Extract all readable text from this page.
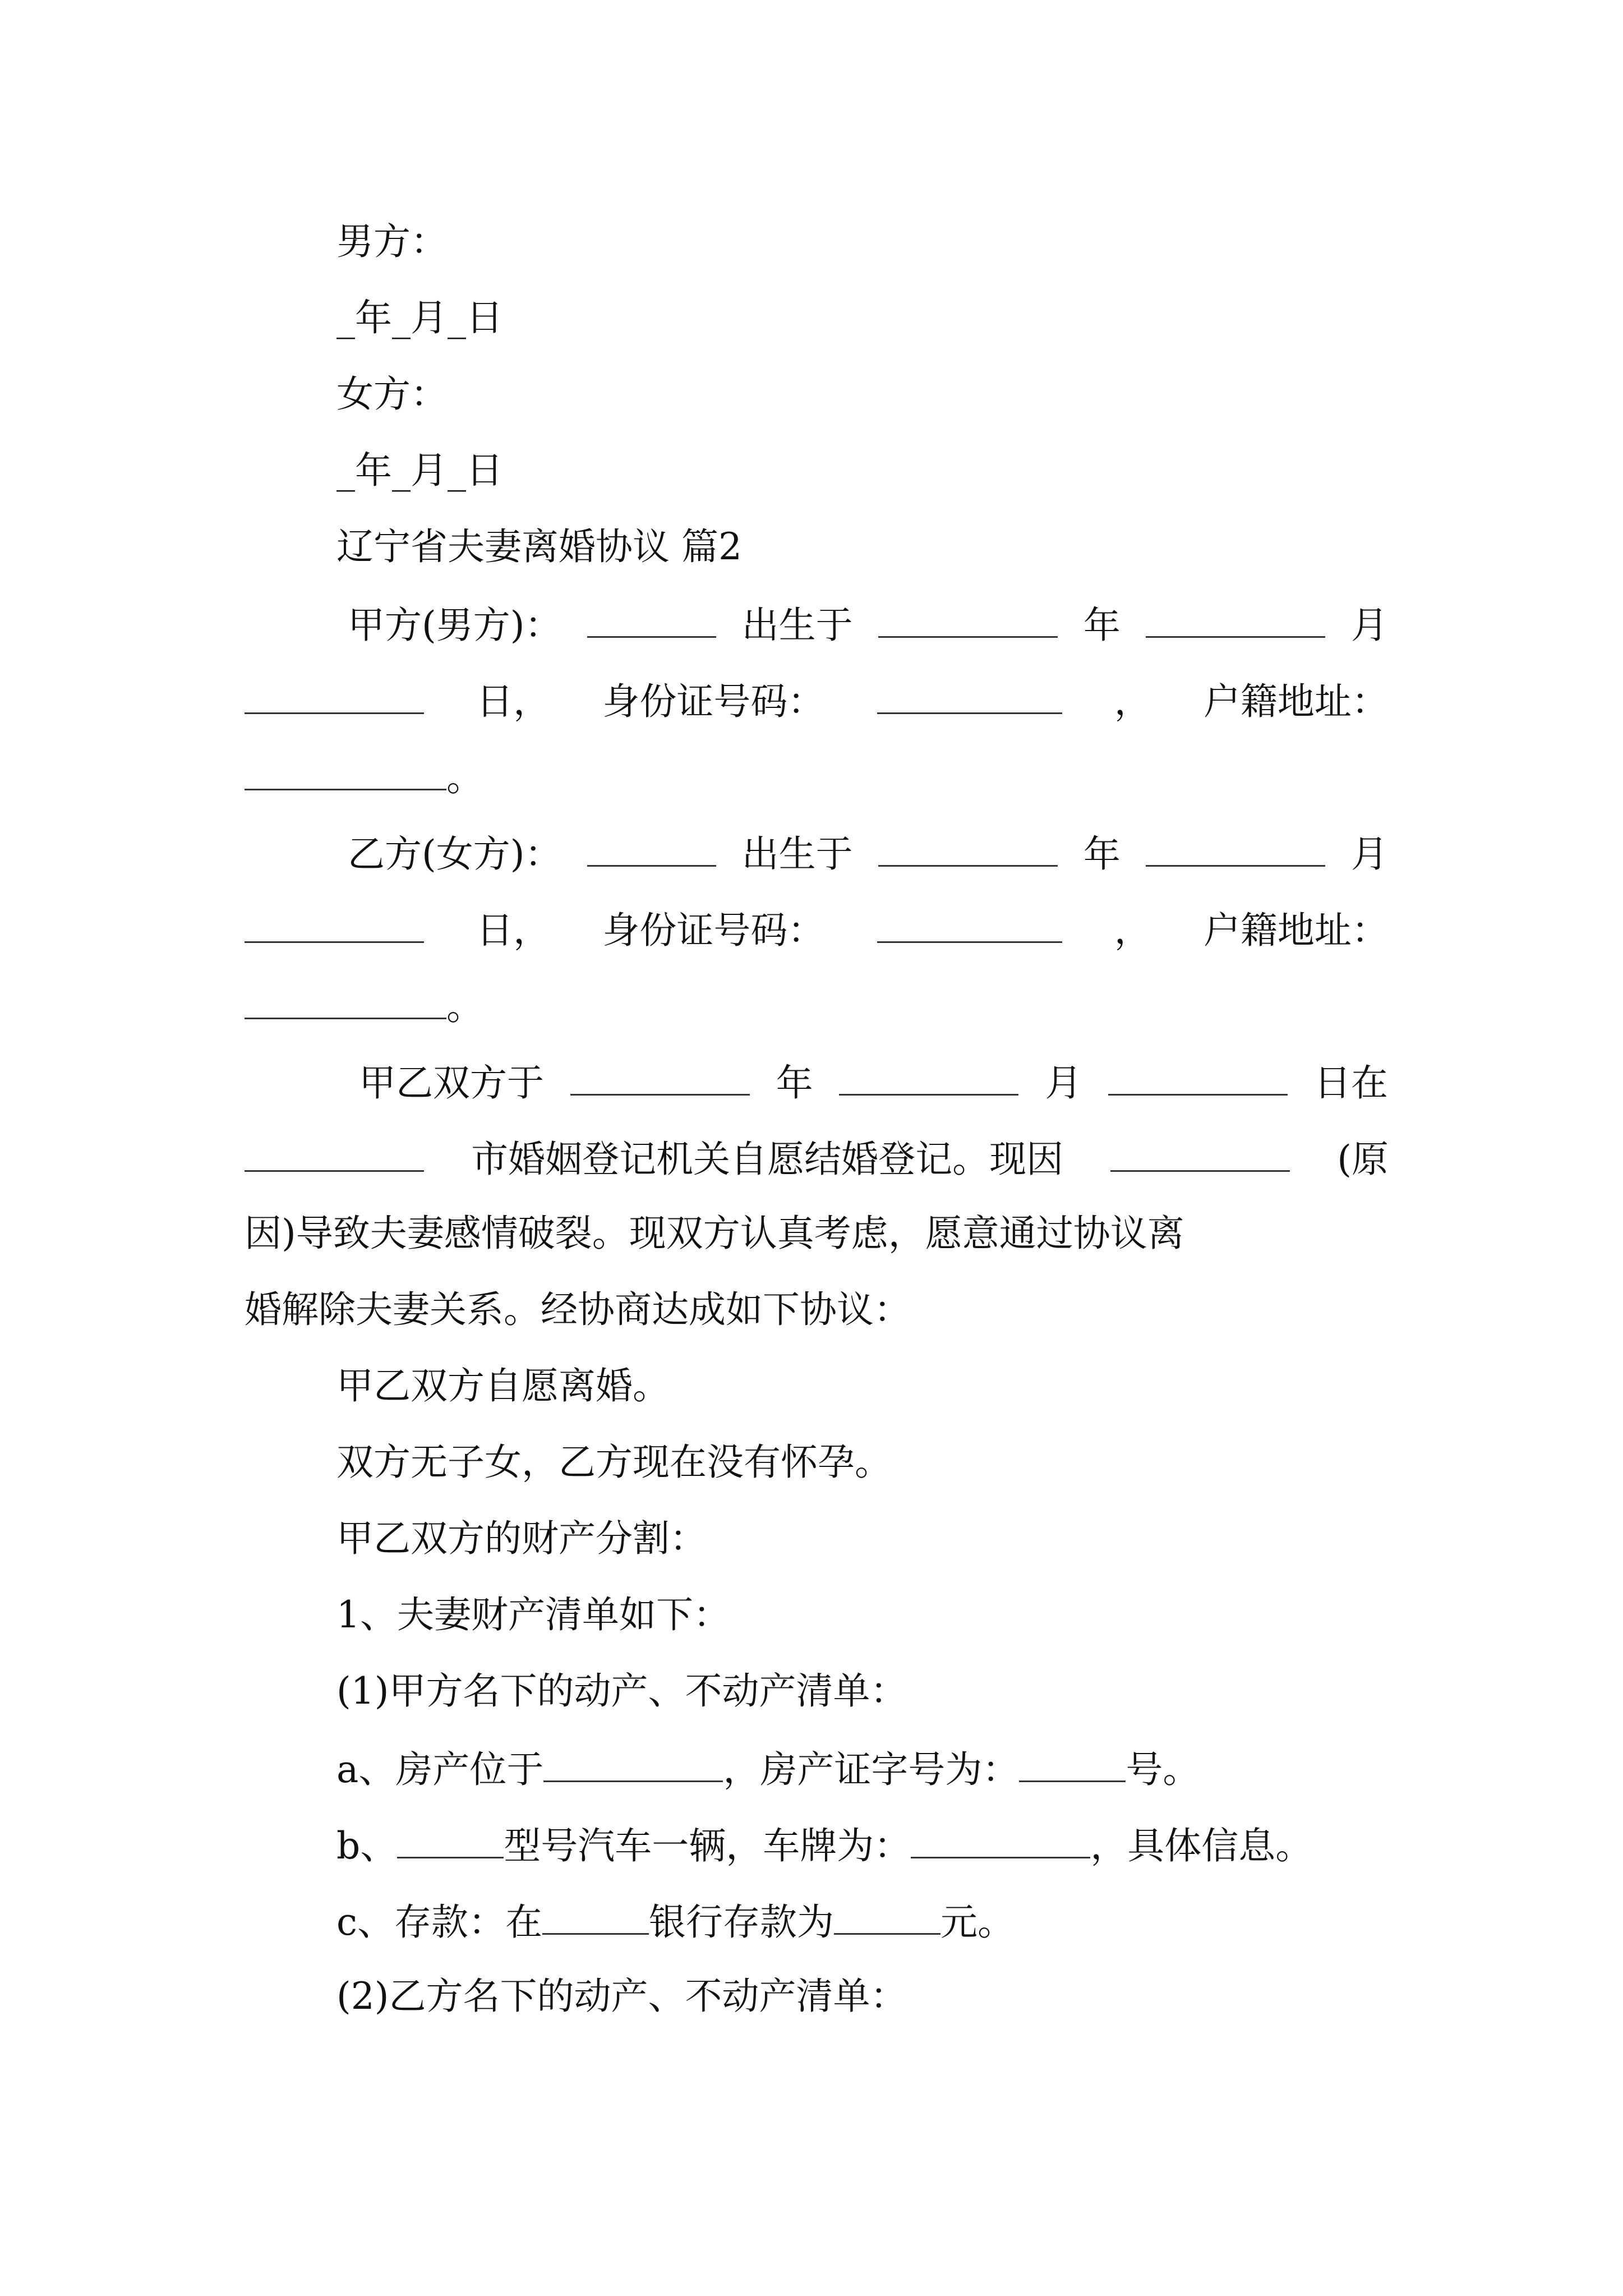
男方：
_年_月_日
女方：
_年_月_日
辽宁省夫妻离婚协议 篇2
甲方(男方)：	出生于	年	月
日， 身份证号码：	， 户籍地址：
。
乙方(女方)：	出生于	年	月
日， 身份证号码：	， 户籍地址：
。
甲乙双方于	年	月	日在
市婚姻登记机关自愿结婚登记。现因	(原
因)导致夫妻感情破裂。现双方认真考虑，愿意通过协议离
婚解除夫妻关系。经协商达成如下协议：
甲乙双方自愿离婚。
双方无子女，乙方现在没有怀孕。
甲乙双方的财产分割：
1、夫妻财产清单如下：
(1)甲方名下的动产、不动产清单：
a、房产位于	，房产证字号为：	号。
b、	型号汽车一辆，车牌为：	，具体信息。
c、存款：在	银行存款为	元。
(2)乙方名下的动产、不动产清单：
